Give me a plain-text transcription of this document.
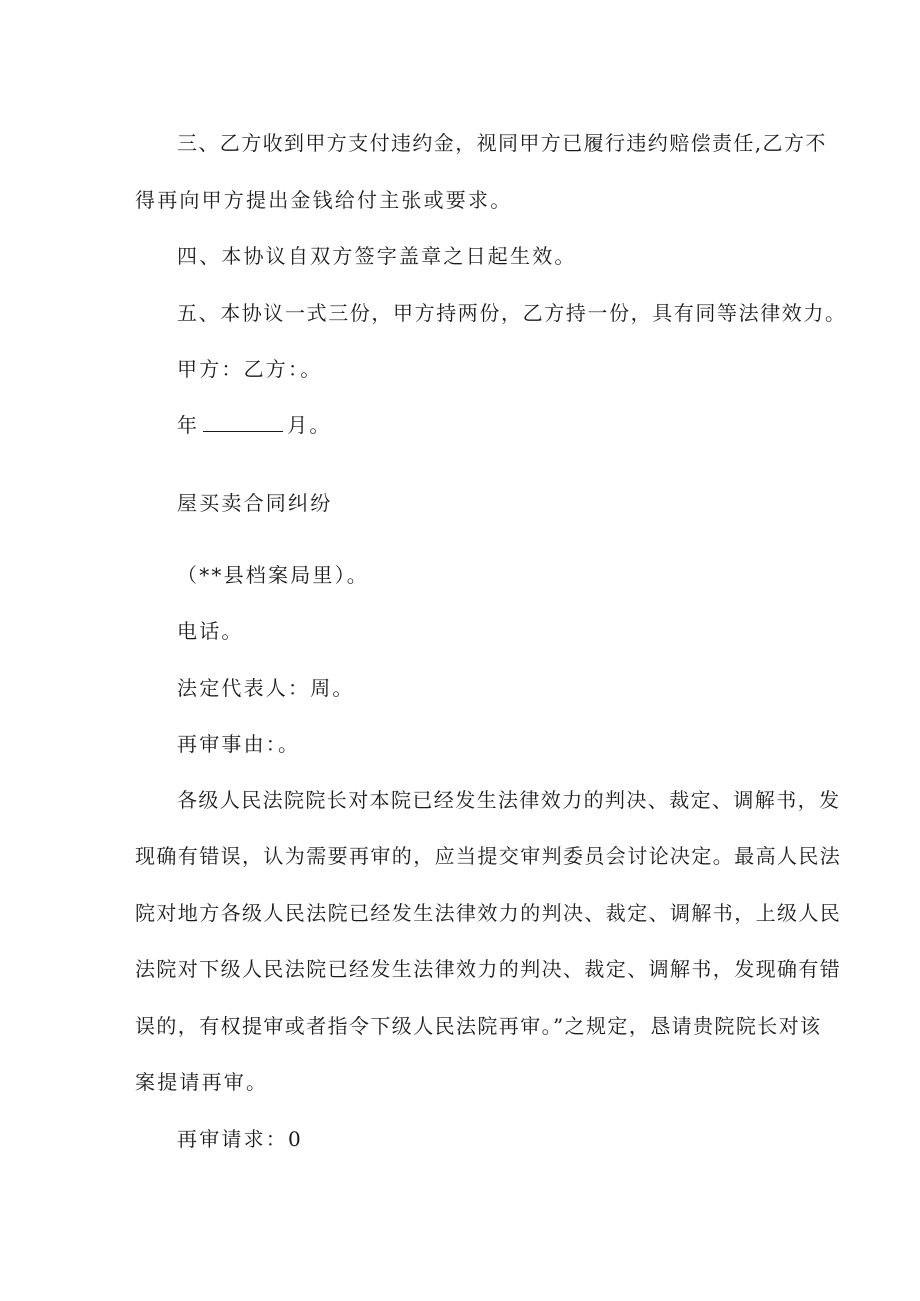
三、乙方收到甲方支付违约金，视同甲方已履行违约赔偿责任,乙方不
得再向甲方提出金钱给付主张或要求。
四、本协议自双方签字盖章之日起生效。
五、本协议一式三份，甲方持两份，乙方持一份，具有同等法律效力。
甲方：乙方：。
年	月。
屋买卖合同纠纷
（**县档案局里）。
电话。
法定代表人：周。
再审事由：。
各级人民法院院长对本院已经发生法律效力的判决、裁定、调解书，发
现确有错误，认为需要再审的，应当提交审判委员会讨论决定。最高人民法
院对地方各级人民法院已经发生法律效力的判决、裁定、调解书，上级人民
法院对下级人民法院已经发生法律效力的判决、裁定、调解书，发现确有错
误的，有权提审或者指令下级人民法院再审。”之规定，恳请贵院院长对该
案提请再审。
再审请求：0
